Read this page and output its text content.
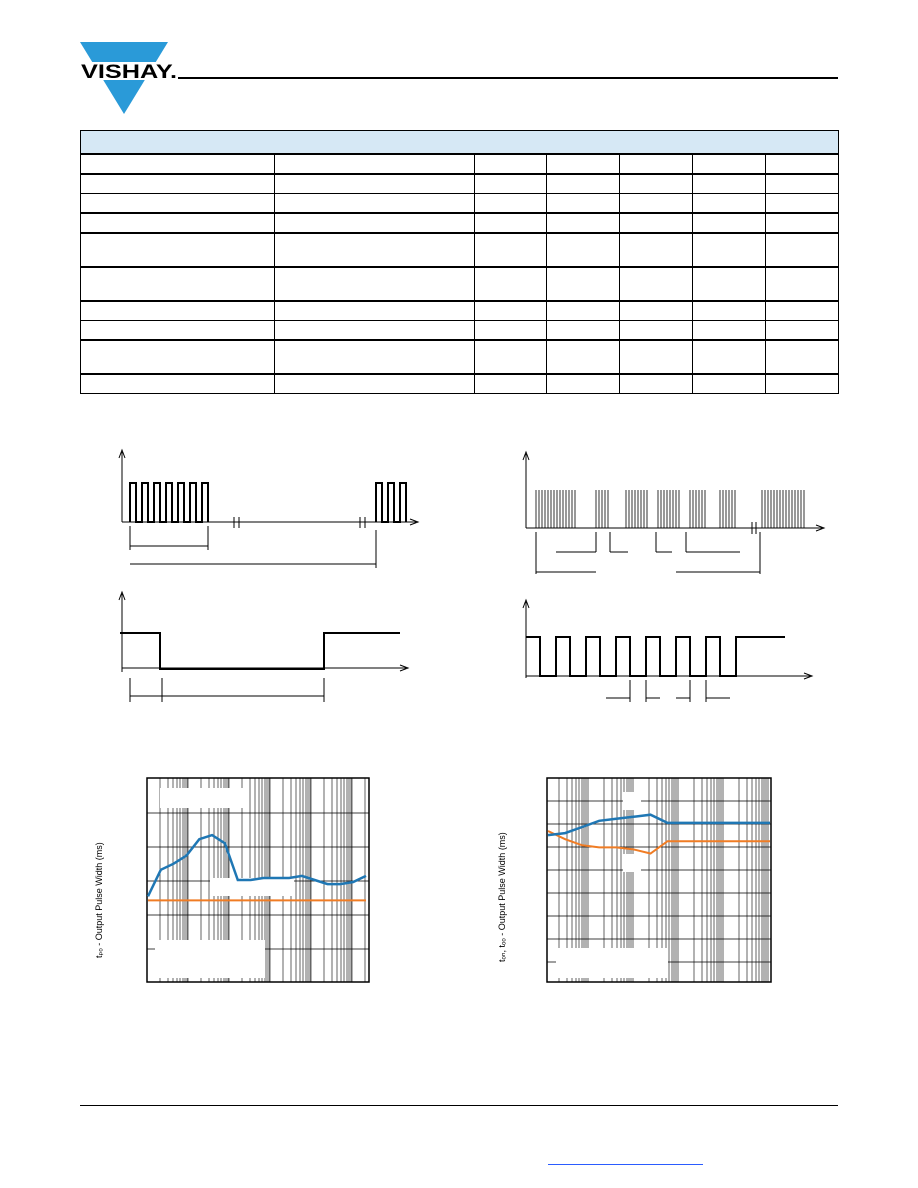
VISHAY.

tₚₒ - Output Pulse Width (ms)	tₒₙ, tₒₒ - Output Pulse Width (ms)
